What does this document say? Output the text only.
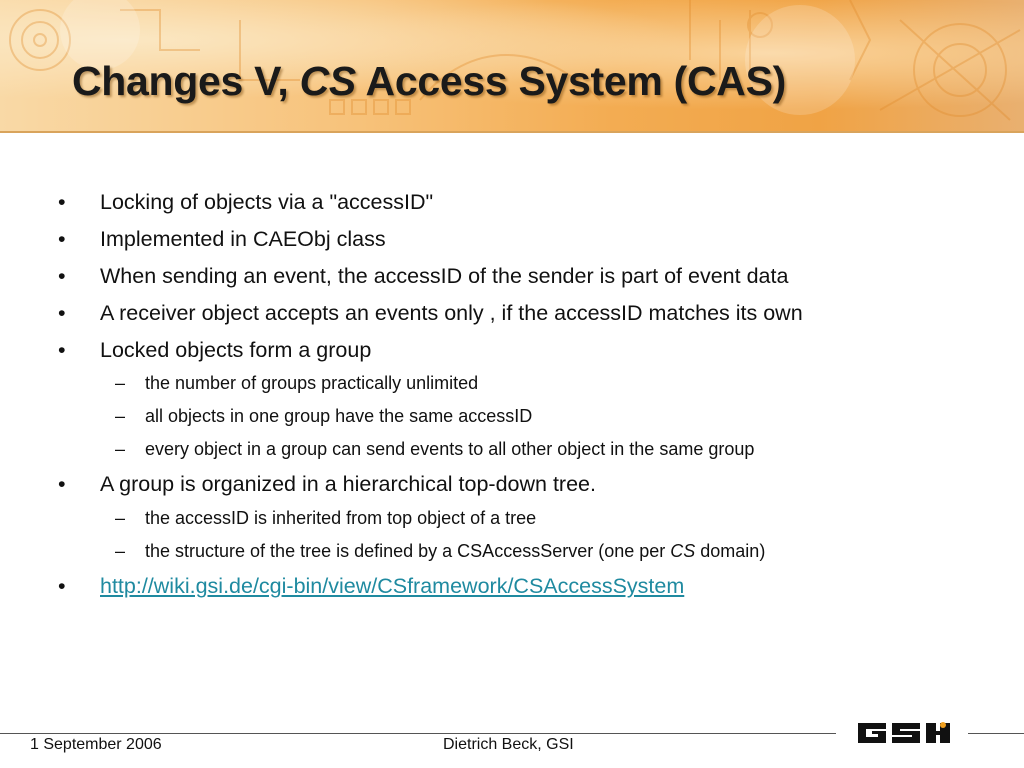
Changes V, CS Access System (CAS)
• Locking of objects via a "accessID"
• Implemented in CAEObj class
• When sending an event, the accessID of the sender is part of event data
• A receiver object accepts an events only , if the accessID matches its own
• Locked objects form a group
– the number of groups practically unlimited
– all objects in one group have the same accessID
– every object in a group can send events to all other object in the same group
• A group is organized in a hierarchical top-down tree.
– the accessID is inherited from top object of a tree
– the structure of the tree is defined by a CSAccessServer (one per CS domain)
• http://wiki.gsi.de/cgi-bin/view/CSframework/CSAccessSystem
1 September 2006	Dietrich Beck, GSI
